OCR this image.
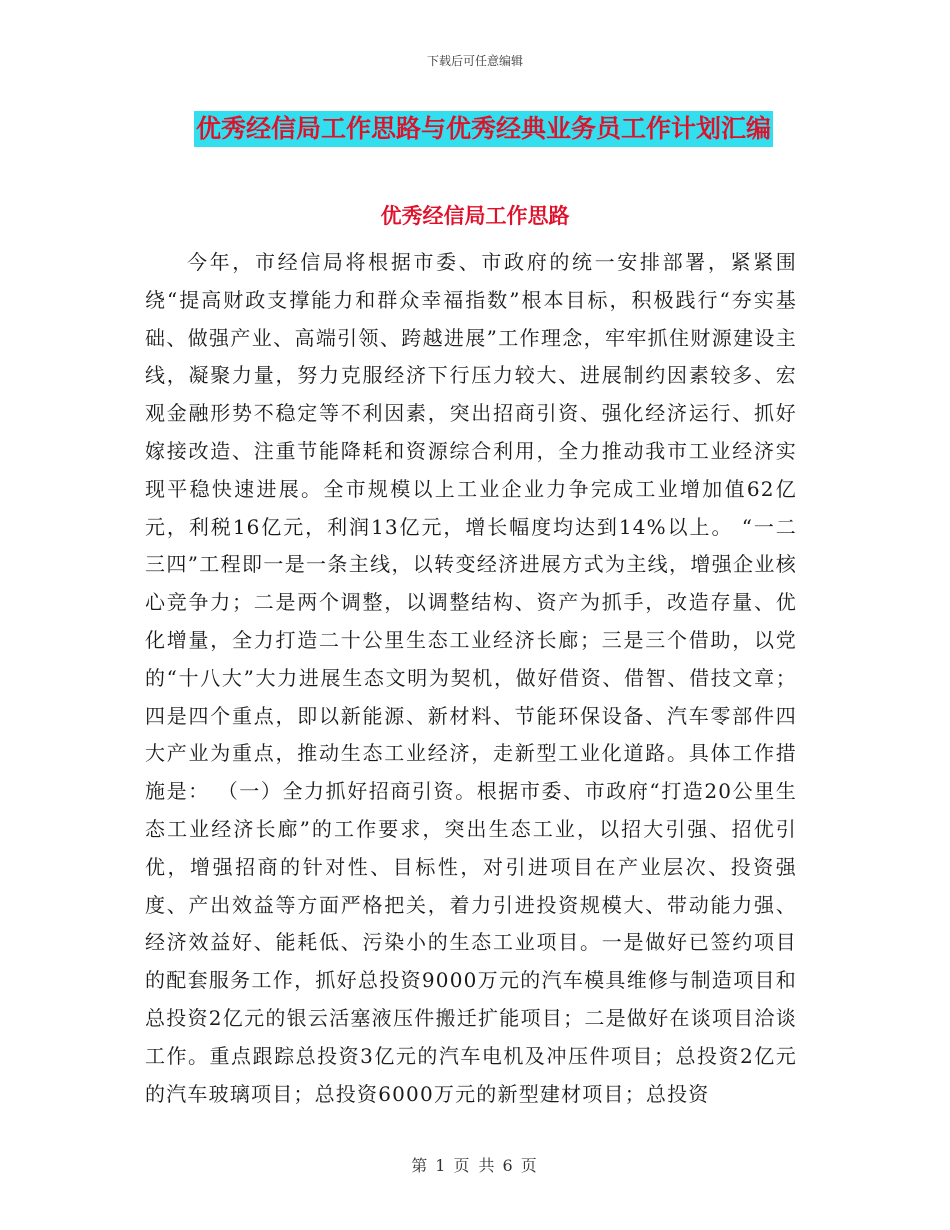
下载后可任意编辑
优秀经信局工作思路与优秀经典业务员工作计划汇编
优秀经信局工作思路

今年，市经信局将根据市委、市政府的统一安排部署，紧紧围绕“提高财政支撑能力和群众幸福指数”根本目标，积极践行“夯实基础、做强产业、高端引领、跨越进展”工作理念，牢牢抓住财源建设主线，凝聚力量，努力克服经济下行压力较大、进展制约因素较多、宏观金融形势不稳定等不利因素，突出招商引资、强化经济运行、抓好嫁接改造、注重节能降耗和资源综合利用，全力推动我市工业经济实现平稳快速进展。全市规模以上工业企业力争完成工业增加值62亿元，利税16亿元，利润13亿元，增长幅度均达到14%以上。 “一二三四”工程即一是一条主线，以转变经济进展方式为主线，增强企业核心竞争力；二是两个调整，以调整结构、资产为抓手，改造存量、优化增量，全力打造二十公里生态工业经济长廊；三是三个借助，以党的“十八大”大力进展生态文明为契机，做好借资、借智、借技文章；四是四个重点，即以新能源、新材料、节能环保设备、汽车零部件四大产业为重点，推动生态工业经济，走新型工业化道路。具体工作措施是： （一）全力抓好招商引资。根据市委、市政府“打造20公里生态工业经济长廊”的工作要求，突出生态工业，以招大引强、招优引优，增强招商的针对性、目标性，对引进项目在产业层次、投资强度、产出效益等方面严格把关，着力引进投资规模大、带动能力强、经济效益好、能耗低、污染小的生态工业项目。一是做好已签约项目的配套服务工作，抓好总投资9000万元的汽车模具维修与制造项目和总投资2亿元的银云活塞液压件搬迁扩能项目；二是做好在谈项目洽谈工作。重点跟踪总投资3亿元的汽车电机及冲压件项目；总投资2亿元的汽车玻璃项目；总投资6000万元的新型建材项目；总投资

第 1 页 共 6 页
